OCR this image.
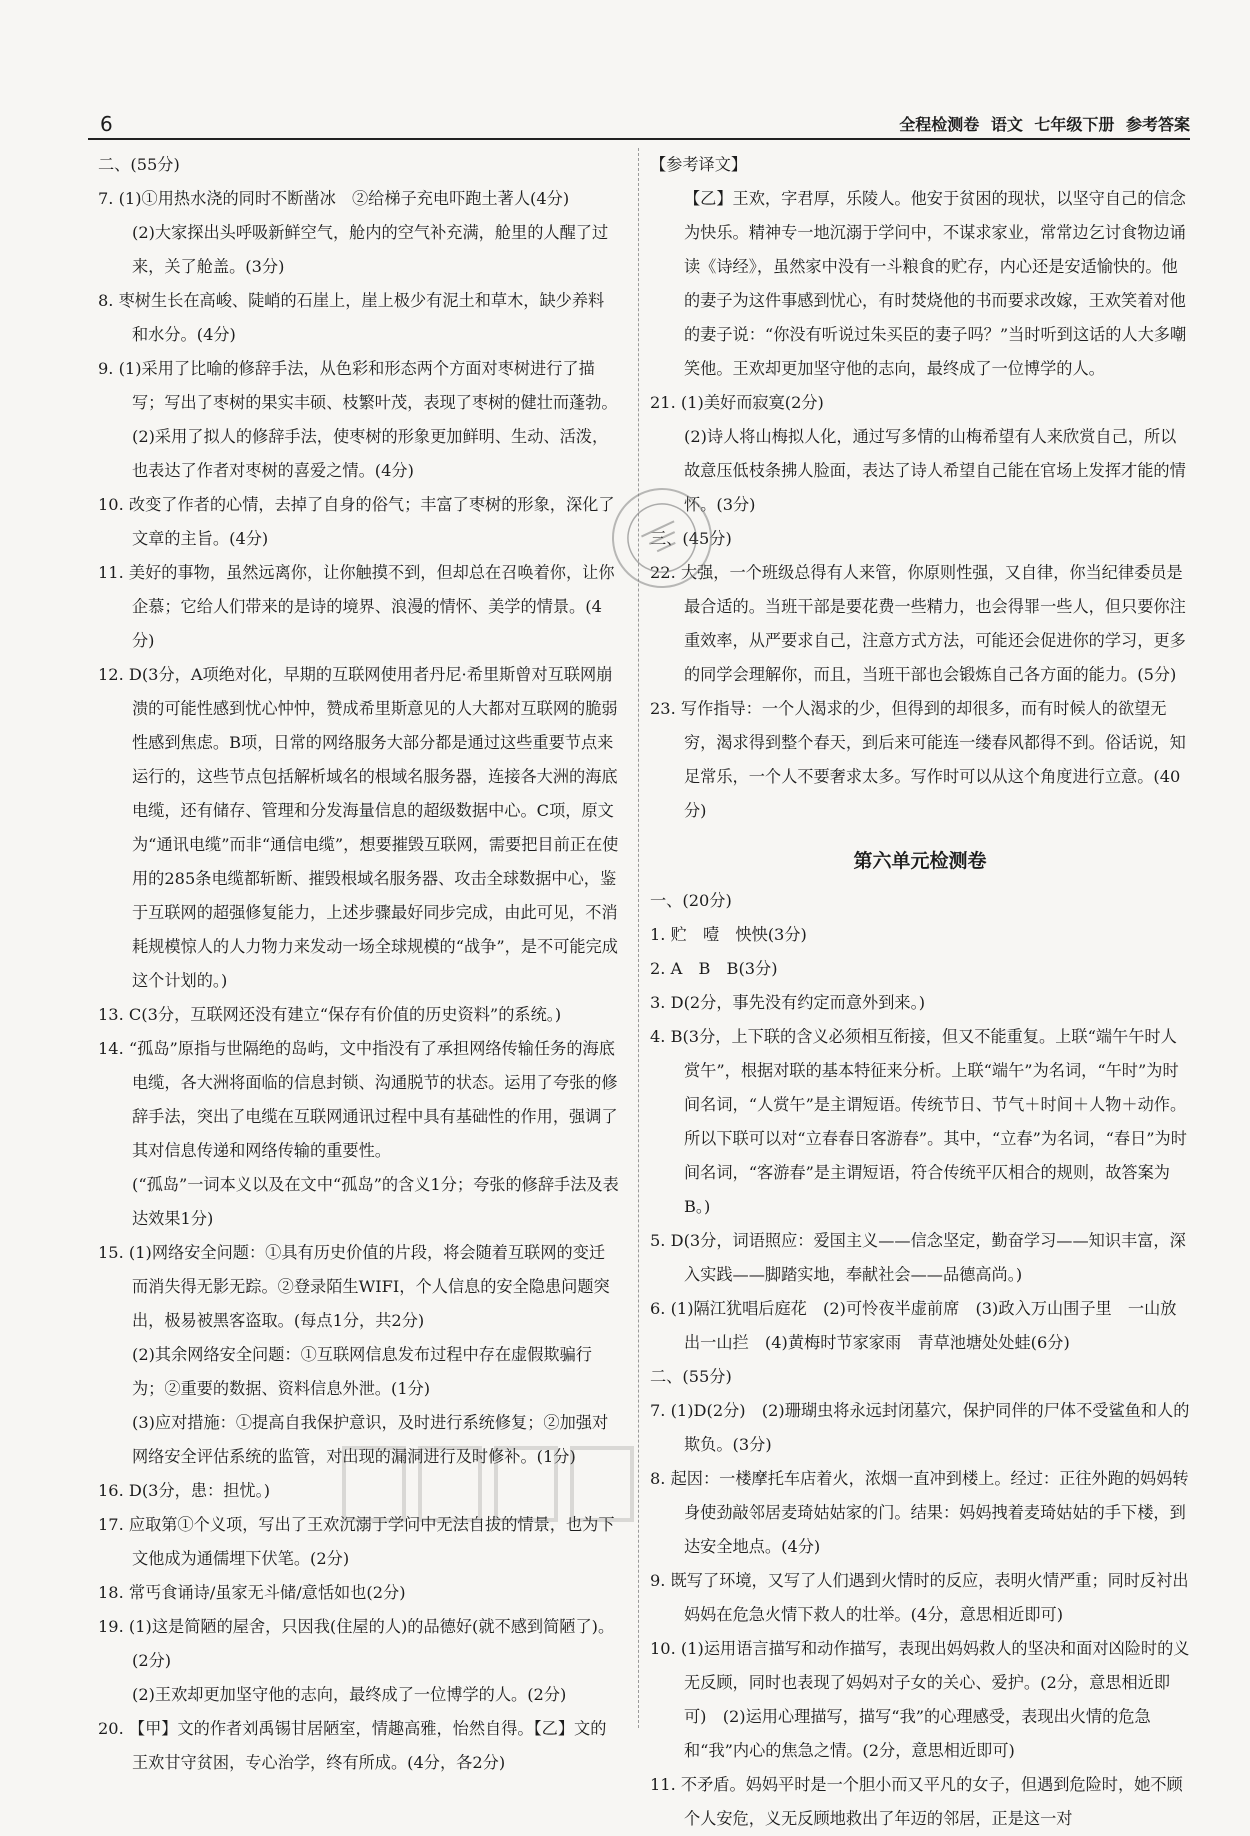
6	全程检测卷 语文 七年级下册 参考答案

二、(55分)

7. (1)①用热水浇的同时不断凿冰　②给梯子充电吓跑土著人(4分)

(2)大家探出头呼吸新鲜空气，舱内的空气补充满，舱里的人醒了过来，关了舱盖。(3分)

8. 枣树生长在高峻、陡峭的石崖上，崖上极少有泥土和草木，缺少养料和水分。(4分)

9. (1)采用了比喻的修辞手法，从色彩和形态两个方面对枣树进行了描写；写出了枣树的果实丰硕、枝繁叶茂，表现了枣树的健壮而蓬勃。

(2)采用了拟人的修辞手法，使枣树的形象更加鲜明、生动、活泼，也表达了作者对枣树的喜爱之情。(4分)

10. 改变了作者的心情，去掉了自身的俗气；丰富了枣树的形象，深化了文章的主旨。(4分)

11. 美好的事物，虽然远离你，让你触摸不到，但却总在召唤着你，让你企慕；它给人们带来的是诗的境界、浪漫的情怀、美学的情景。(4分)

12. D(3分，A项绝对化，早期的互联网使用者丹尼·希里斯曾对互联网崩溃的可能性感到忧心忡忡，赞成希里斯意见的人大都对互联网的脆弱性感到焦虑。B项，日常的网络服务大部分都是通过这些重要节点来运行的，这些节点包括解析域名的根域名服务器，连接各大洲的海底电缆，还有储存、管理和分发海量信息的超级数据中心。C项，原文为“通讯电缆”而非“通信电缆”，想要摧毁互联网，需要把目前正在使用的285条电缆都斩断、摧毁根域名服务器、攻击全球数据中心，鉴于互联网的超强修复能力，上述步骤最好同步完成，由此可见，不消耗规模惊人的人力物力来发动一场全球规模的“战争”，是不可能完成这个计划的。)

13. C(3分，互联网还没有建立“保存有价值的历史资料”的系统。)

14. “孤岛”原指与世隔绝的岛屿，文中指没有了承担网络传输任务的海底电缆，各大洲将面临的信息封锁、沟通脱节的状态。运用了夸张的修辞手法，突出了电缆在互联网通讯过程中具有基础性的作用，强调了其对信息传递和网络传输的重要性。

(“孤岛”一词本义以及在文中“孤岛”的含义1分；夸张的修辞手法及表达效果1分)

15. (1)网络安全问题：①具有历史价值的片段，将会随着互联网的变迁而消失得无影无踪。②登录陌生WIFI，个人信息的安全隐患问题突出，极易被黑客盗取。(每点1分，共2分)

(2)其余网络安全问题：①互联网信息发布过程中存在虚假欺骗行为；②重要的数据、资料信息外泄。(1分)

(3)应对措施：①提高自我保护意识，及时进行系统修复；②加强对网络安全评估系统的监管，对出现的漏洞进行及时修补。(1分)

16. D(3分，患：担忧。)

17. 应取第①个义项，写出了王欢沉溺于学问中无法自拔的情景，也为下文他成为通儒埋下伏笔。(2分)

18. 常丐食诵诗/虽家无斗储/意恬如也(2分)

19. (1)这是简陋的屋舍，只因我(住屋的人)的品德好(就不感到简陋了)。(2分)

(2)王欢却更加坚守他的志向，最终成了一位博学的人。(2分)

20. 【甲】文的作者刘禹锡甘居陋室，情趣高雅，怡然自得。【乙】文的王欢甘守贫困，专心治学，终有所成。(4分，各2分)

【参考译文】

【乙】王欢，字君厚，乐陵人。他安于贫困的现状，以坚守自己的信念为快乐。精神专一地沉溺于学问中，不谋求家业，常常边乞讨食物边诵读《诗经》，虽然家中没有一斗粮食的贮存，内心还是安适愉快的。他的妻子为这件事感到忧心，有时焚烧他的书而要求改嫁，王欢笑着对他的妻子说：“你没有听说过朱买臣的妻子吗？”当时听到这话的人大多嘲笑他。王欢却更加坚守他的志向，最终成了一位博学的人。

21. (1)美好而寂寞(2分)

(2)诗人将山梅拟人化，通过写多情的山梅希望有人来欣赏自己，所以故意压低枝条拂人脸面，表达了诗人希望自己能在官场上发挥才能的情怀。(3分)

三、(45分)

22. 大强，一个班级总得有人来管，你原则性强，又自律，你当纪律委员是最合适的。当班干部是要花费一些精力，也会得罪一些人，但只要你注重效率，从严要求自己，注意方式方法，可能还会促进你的学习，更多的同学会理解你，而且，当班干部也会锻炼自己各方面的能力。(5分)

23. 写作指导：一个人渴求的少，但得到的却很多，而有时候人的欲望无穷，渴求得到整个春天，到后来可能连一缕春风都得不到。俗话说，知足常乐，一个人不要奢求太多。写作时可以从这个角度进行立意。(40分)

第六单元检测卷

一、(20分)

1. 贮　噎　怏怏(3分)

2. A　B　B(3分)

3. D(2分，事先没有约定而意外到来。)

4. B(3分，上下联的含义必须相互衔接，但又不能重复。上联“端午午时人赏午”，根据对联的基本特征来分析。上联“端午”为名词，“午时”为时间名词，“人赏午”是主谓短语。传统节日、节气＋时间＋人物＋动作。所以下联可以对“立春春日客游春”。其中，“立春”为名词，“春日”为时间名词，“客游春”是主谓短语，符合传统平仄相合的规则，故答案为B。)

5. D(3分，词语照应：爱国主义——信念坚定，勤奋学习——知识丰富，深入实践——脚踏实地，奉献社会——品德高尚。)

6. (1)隔江犹唱后庭花　(2)可怜夜半虚前席　(3)政入万山围子里　一山放出一山拦　(4)黄梅时节家家雨　青草池塘处处蛙(6分)

二、(55分)

7. (1)D(2分)　(2)珊瑚虫将永远封闭墓穴，保护同伴的尸体不受鲨鱼和人的欺负。(3分)

8. 起因：一楼摩托车店着火，浓烟一直冲到楼上。经过：正往外跑的妈妈转身使劲敲邻居麦琦姑姑家的门。结果：妈妈拽着麦琦姑姑的手下楼，到达安全地点。(4分)

9. 既写了环境，又写了人们遇到火情时的反应，表明火情严重；同时反衬出妈妈在危急火情下救人的壮举。(4分，意思相近即可)

10. (1)运用语言描写和动作描写，表现出妈妈救人的坚决和面对凶险时的义无反顾，同时也表现了妈妈对子女的关心、爱护。(2分，意思相近即可)　(2)运用心理描写，描写“我”的心理感受，表现出火情的危急和“我”内心的焦急之情。(2分，意思相近即可)

11. 不矛盾。妈妈平时是一个胆小而又平凡的女子，但遇到危险时，她不顾个人安危，义无反顾地救出了年迈的邻居，正是这一对
